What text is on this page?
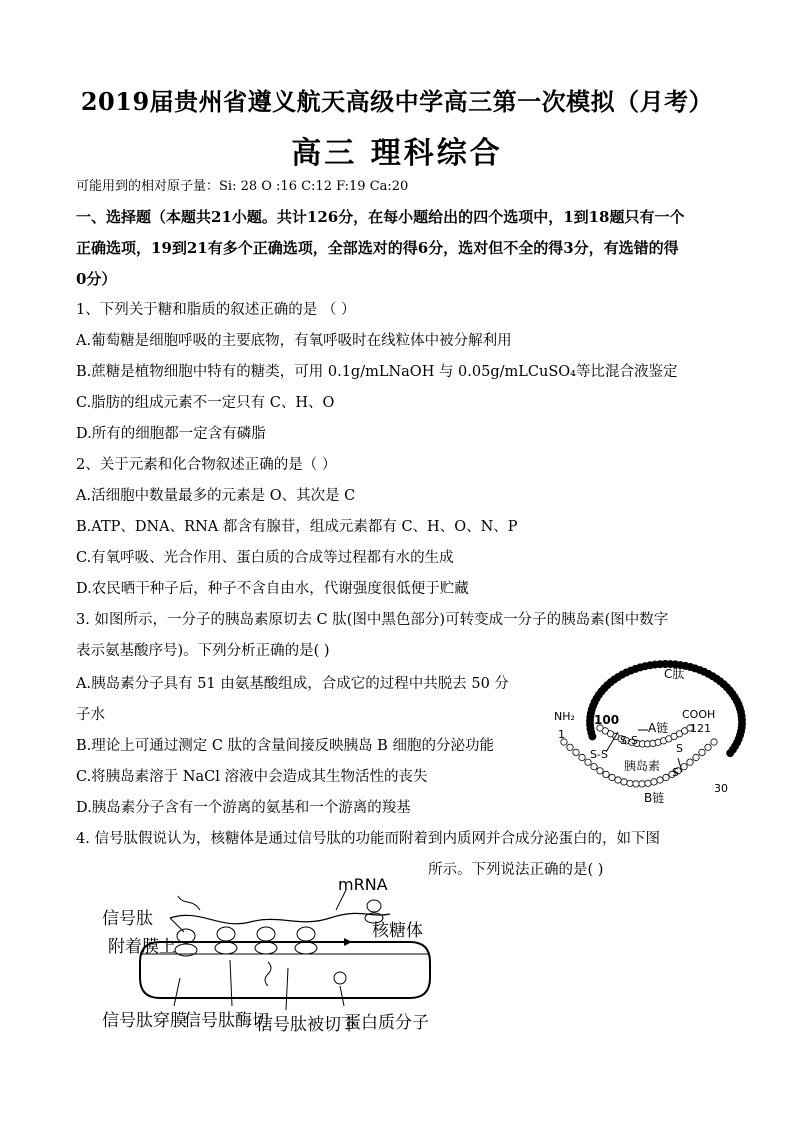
2019届贵州省遵义航天高级中学高三第一次模拟（月考）
高三 理科综合
可能用到的相对原子量：Si: 28 O :16 C:12 F:19 Ca:20
一、选择题（本题共21小题。共计126分，在每小题给出的四个选项中，1到18题只有一个
正确选项，19到21有多个正确选项，全部选对的得6分，选对但不全的得3分，有选错的得
0分）
1、下列关于糖和脂质的叙述正确的是 （ ）
A.葡萄糖是细胞呼吸的主要底物，有氧呼吸时在线粒体中被分解利用
B.蔗糖是植物细胞中特有的糖类，可用 0.1g/mLNaOH 与 0.05g/mLCuSO₄等比混合液鉴定
C.脂肪的组成元素不一定只有 C、H、O
D.所有的细胞都一定含有磷脂
2、关于元素和化合物叙述正确的是（ ）
A.活细胞中数量最多的元素是 O、其次是 C
B.ATP、DNA、RNA 都含有腺苷，组成元素都有 C、H、O、N、P
C.有氧呼吸、光合作用、蛋白质的合成等过程都有水的生成
D.农民晒干种子后，种子不含自由水，代谢强度很低便于贮藏
3. 如图所示，一分子的胰岛素原切去 C 肽(图中黑色部分)可转变成一分子的胰岛素(图中数字
表示氨基酸序号)。下列分析正确的是( )
A.胰岛素分子具有 51 由氨基酸组成，合成它的过程中共脱去 50 分
子水
B.理论上可通过测定 C 肽的含量间接反映胰岛 B 细胞的分泌功能
C.将胰岛素溶于 NaCl 溶液中会造成其生物活性的丧失
D.胰岛素分子含有一个游离的氨基和一个游离的羧基
4. 信号肽假说认为，核糖体是通过信号肽的功能而附着到内质网并合成分泌蛋白的，如下图
所示。下列说法正确的是( )
C肽
NH₂
1
100
A链
COOH
121
S-S
S-S
S
S
胰岛素
B链
30
信号肽
附着膜上
mRNA
核糖体
信号肽穿膜
信号肽酶切
信号肽被切下
蛋白质分子
